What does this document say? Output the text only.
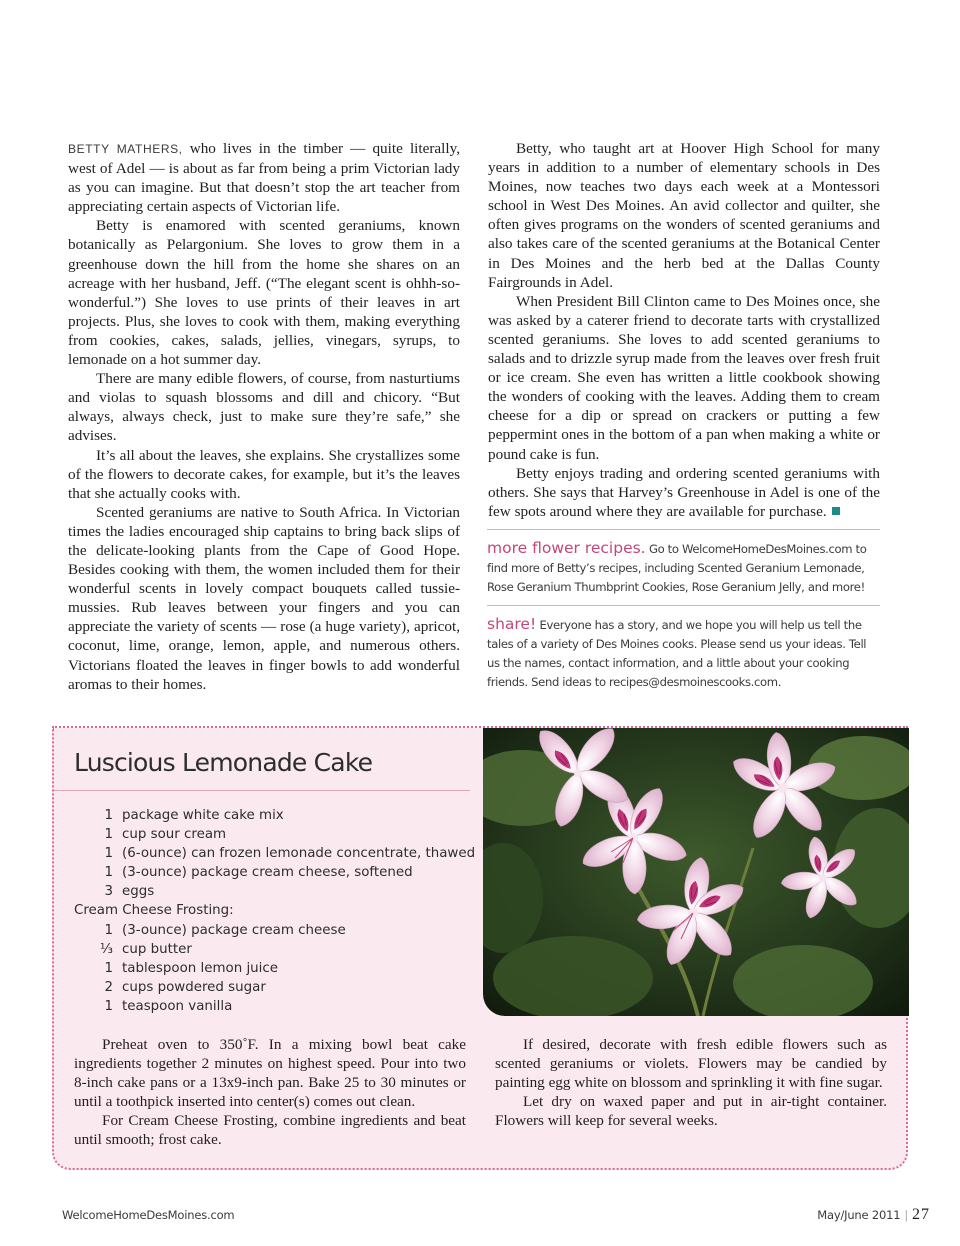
BETTY MATHERS, who lives in the timber — quite literally, west of Adel — is about as far from being a prim Victorian lady as you can imagine. But that doesn’t stop the art teacher from appreciating certain aspects of Victorian life.

Betty is enamored with scented geraniums, known botanically as Pelargonium. She loves to grow them in a greenhouse down the hill from the home she shares on an acreage with her husband, Jeff. (“The elegant scent is ohhh-so-wonderful.”) She loves to use prints of their leaves in art projects. Plus, she loves to cook with them, making everything from cookies, cakes, salads, jellies, vinegars, syrups, to lemonade on a hot summer day.

There are many edible flowers, of course, from nasturtiums and violas to squash blossoms and dill and chicory. “But always, always check, just to make sure they’re safe,” she advises.

It’s all about the leaves, she explains. She crystallizes some of the flowers to decorate cakes, for example, but it’s the leaves that she actually cooks with.

Scented geraniums are native to South Africa. In Victorian times the ladies encouraged ship captains to bring back slips of the delicate-looking plants from the Cape of Good Hope. Besides cooking with them, the women included them for their wonderful scents in lovely compact bouquets called tussie-mussies. Rub leaves between your fingers and you can appreciate the variety of scents — rose (a huge variety), apricot, coconut, lime, orange, lemon, apple, and numerous others. Victorians floated the leaves in finger bowls to add wonderful aromas to their homes.

Betty, who taught art at Hoover High School for many years in addition to a number of elementary schools in Des Moines, now teaches two days each week at a Montessori school in West Des Moines. An avid collector and quilter, she often gives programs on the wonders of scented geraniums and also takes care of the scented geraniums at the Botanical Center in Des Moines and the herb bed at the Dallas County Fairgrounds in Adel.

When President Bill Clinton came to Des Moines once, she was asked by a caterer friend to decorate tarts with crystallized scented geraniums. She loves to add scented geraniums to salads and to drizzle syrup made from the leaves over fresh fruit or ice cream. She even has written a little cookbook showing the wonders of cooking with the leaves. Adding them to cream cheese for a dip or spread on crackers or putting a few peppermint ones in the bottom of a pan when making a white or pound cake is fun.

Betty enjoys trading and ordering scented geraniums with others. She says that Harvey’s Greenhouse in Adel is one of the few spots around where they are available for purchase.

more flower recipes. Go to WelcomeHomeDesMoines.com to find more of Betty’s recipes, including Scented Geranium Lemonade, Rose Geranium Thumbprint Cookies, Rose Geranium Jelly, and more!
share! Everyone has a story, and we hope you will help us tell the tales of a variety of Des Moines cooks. Please send us your ideas. Tell us the names, contact information, and a little about your cooking friends. Send ideas to recipes@desmoinescooks.com.
Luscious Lemonade Cake
1 package white cake mix
1 cup sour cream
1 (6-ounce) can frozen lemonade concentrate, thawed
1 (3-ounce) package cream cheese, softened
3 eggs
Cream Cheese Frosting:
1 (3-ounce) package cream cheese
⅓ cup butter
1 tablespoon lemon juice
2 cups powdered sugar
1 teaspoon vanilla

Preheat oven to 350˚F. In a mixing bowl beat cake ingredients together 2 minutes on highest speed. Pour into two 8-inch cake pans or a 13x9-inch pan. Bake 25 to 30 minutes or until a toothpick inserted into center(s) comes out clean.

For Cream Cheese Frosting, combine ingredients and beat until smooth; frost cake.

If desired, decorate with fresh edible flowers such as scented geraniums or violets. Flowers may be candied by painting egg white on blossom and sprinkling it with fine sugar.

Let dry on waxed paper and put in air-tight container. Flowers will keep for several weeks.

WelcomeHomeDesMoines.com	May/June 2011 | 27
